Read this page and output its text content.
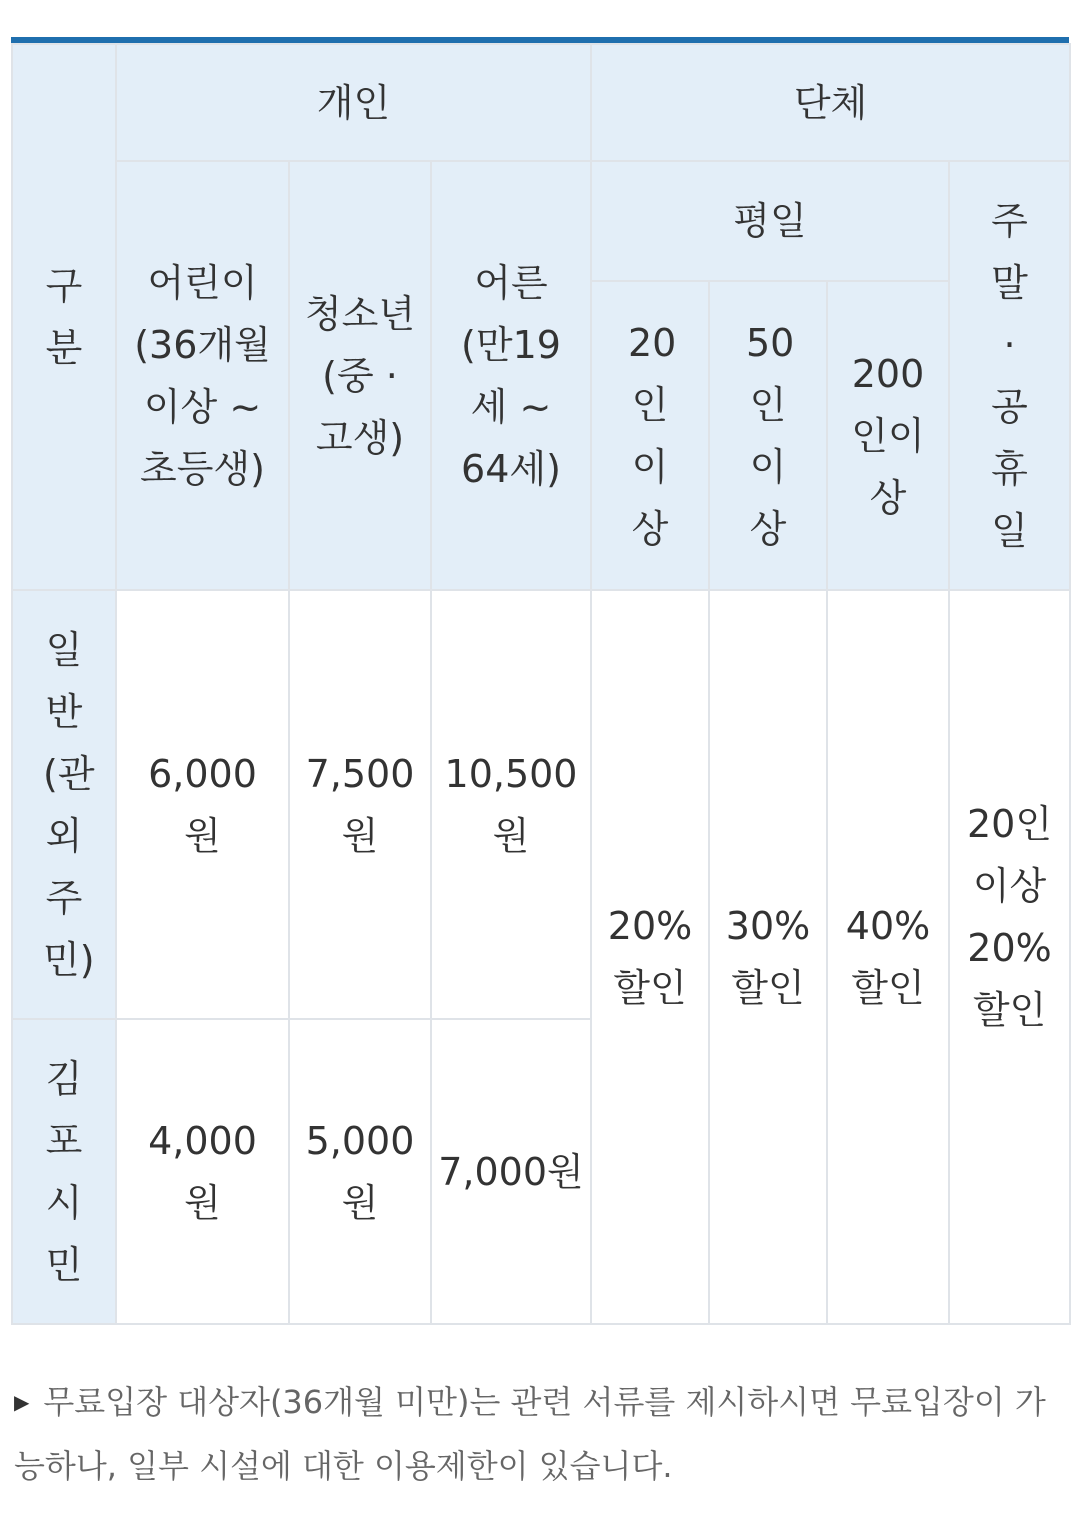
구분	개인			단체			
	어린이(36개월 이상 ~ 초등생)	청소년(중 · 고생)	어른(만19세 ~ 64세)	평일			주말 · 공휴일
				20인이상	50인이상	200인이상	
일반(관외주민)	6,000원	7,500원	10,500원	20% 할인	30% 할인	40% 할인	20인이상 20% 할인
김포시민	4,000원	5,000원	7,000원				
▶ 무료입장 대상자(36개월 미만)는 관련 서류를 제시하시면 무료입장이 가능하나, 일부 시설에 대한 이용제한이 있습니다.
